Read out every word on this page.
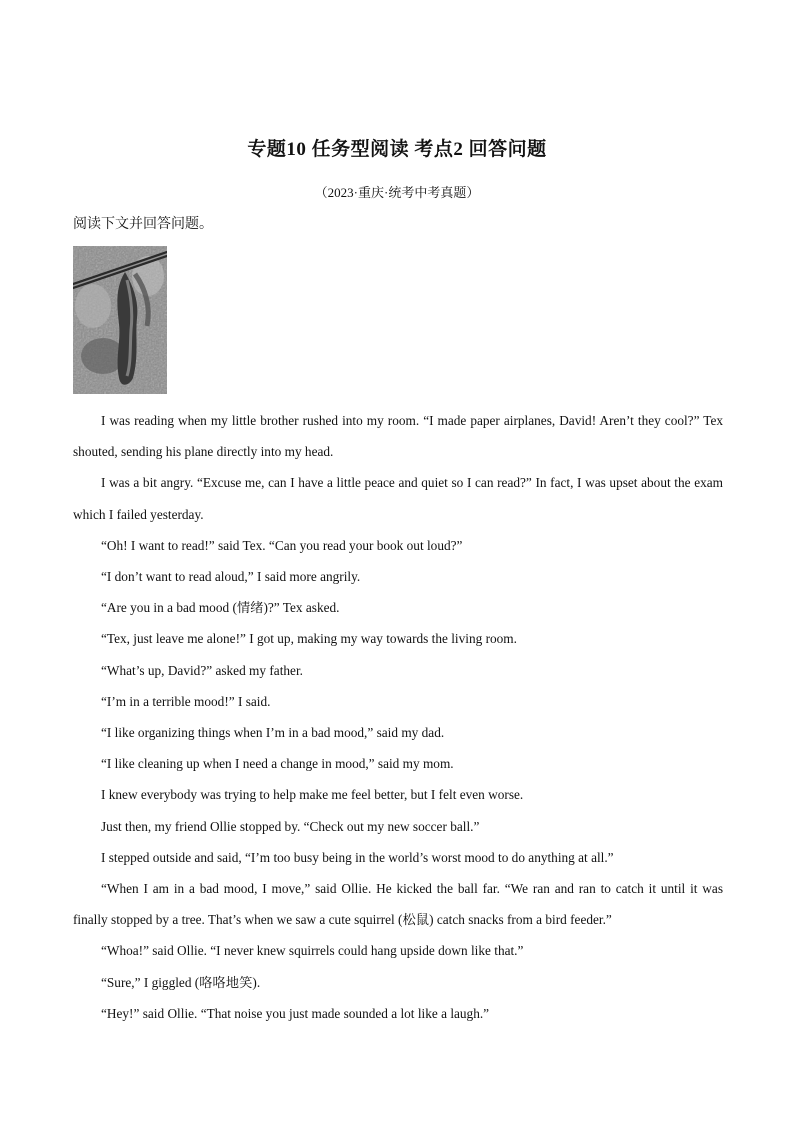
专题10 任务型阅读 考点2 回答问题
（2023·重庆·统考中考真题）
阅读下文并回答问题。

I was reading when my little brother rushed into my room. “I made paper airplanes, David! Aren’t they cool?” Tex shouted, sending his plane directly into my head.

I was a bit angry. “Excuse me, can I have a little peace and quiet so I can read?” In fact, I was upset about the exam which I failed yesterday.

“Oh! I want to read!” said Tex. “Can you read your book out loud?”

“I don’t want to read aloud,” I said more angrily.

“Are you in a bad mood (情绪)?” Tex asked.

“Tex, just leave me alone!” I got up, making my way towards the living room.

“What’s up, David?” asked my father.

“I’m in a terrible mood!” I said.

“I like organizing things when I’m in a bad mood,” said my dad.

“I like cleaning up when I need a change in mood,” said my mom.

I knew everybody was trying to help make me feel better, but I felt even worse.

Just then, my friend Ollie stopped by. “Check out my new soccer ball.”

I stepped outside and said, “I’m too busy being in the world’s worst mood to do anything at all.”

“When I am in a bad mood, I move,” said Ollie. He kicked the ball far. “We ran and ran to catch it until it was finally stopped by a tree. That’s when we saw a cute squirrel (松鼠) catch snacks from a bird feeder.”

“Whoa!” said Ollie. “I never knew squirrels could hang upside down like that.”

“Sure,” I giggled (咯咯地笑).

“Hey!” said Ollie. “That noise you just made sounded a lot like a laugh.”
